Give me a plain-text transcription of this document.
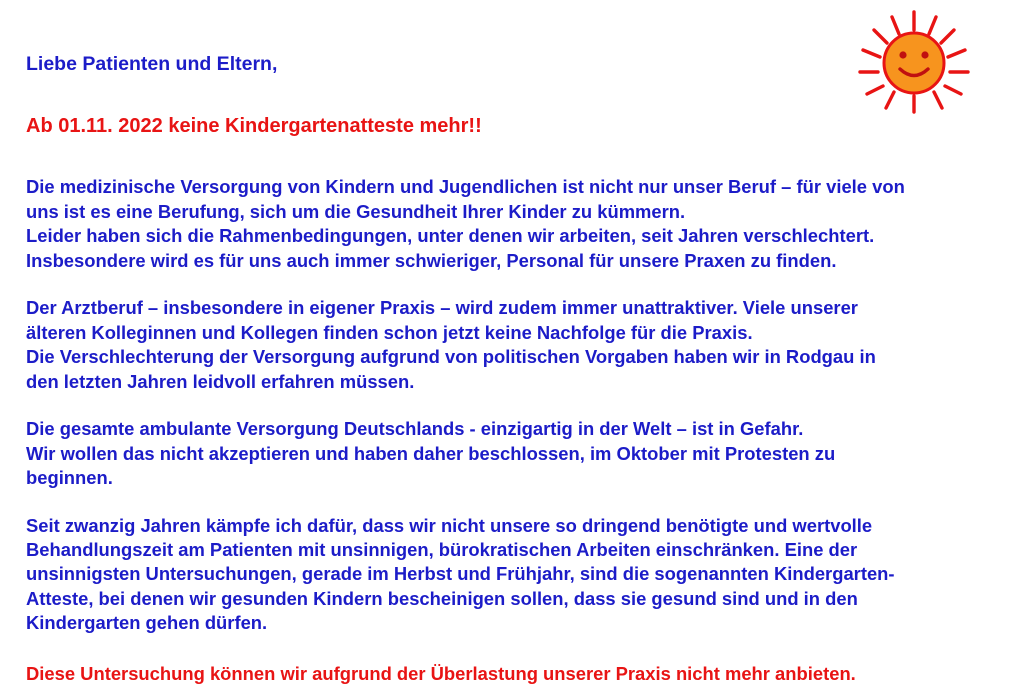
Liebe Patienten und Eltern,

Ab 01.11. 2022 keine Kindergartenatteste mehr!!

Die medizinische Versorgung von Kindern und Jugendlichen ist nicht nur unser Beruf – für viele von
uns ist es eine Berufung, sich um die Gesundheit Ihrer Kinder zu kümmern.
Leider haben sich die Rahmenbedingungen, unter denen wir arbeiten, seit Jahren verschlechtert.
Insbesondere wird es für uns auch immer schwieriger, Personal für unsere Praxen zu finden.
Der Arztberuf – insbesondere in eigener Praxis – wird zudem immer unattraktiver. Viele unserer
älteren Kolleginnen und Kollegen finden schon jetzt keine Nachfolge für die Praxis.
Die Verschlechterung der Versorgung aufgrund von politischen Vorgaben haben wir in Rodgau in
den letzten Jahren leidvoll erfahren müssen.
Die gesamte ambulante Versorgung Deutschlands - einzigartig in der Welt – ist in Gefahr.
Wir wollen das nicht akzeptieren und haben daher beschlossen, im Oktober mit Protesten zu
beginnen.
Seit zwanzig Jahren kämpfe ich dafür, dass wir nicht unsere so dringend benötigte und wertvolle
Behandlungszeit am Patienten mit unsinnigen, bürokratischen Arbeiten einschränken. Eine der
unsinnigsten Untersuchungen, gerade im Herbst und Frühjahr, sind die sogenannten Kindergarten-
Atteste, bei denen wir gesunden Kindern bescheinigen sollen, dass sie gesund sind und in den
Kindergarten gehen dürfen.

Diese Untersuchung können wir aufgrund der Überlastung unserer Praxis nicht mehr anbieten.
